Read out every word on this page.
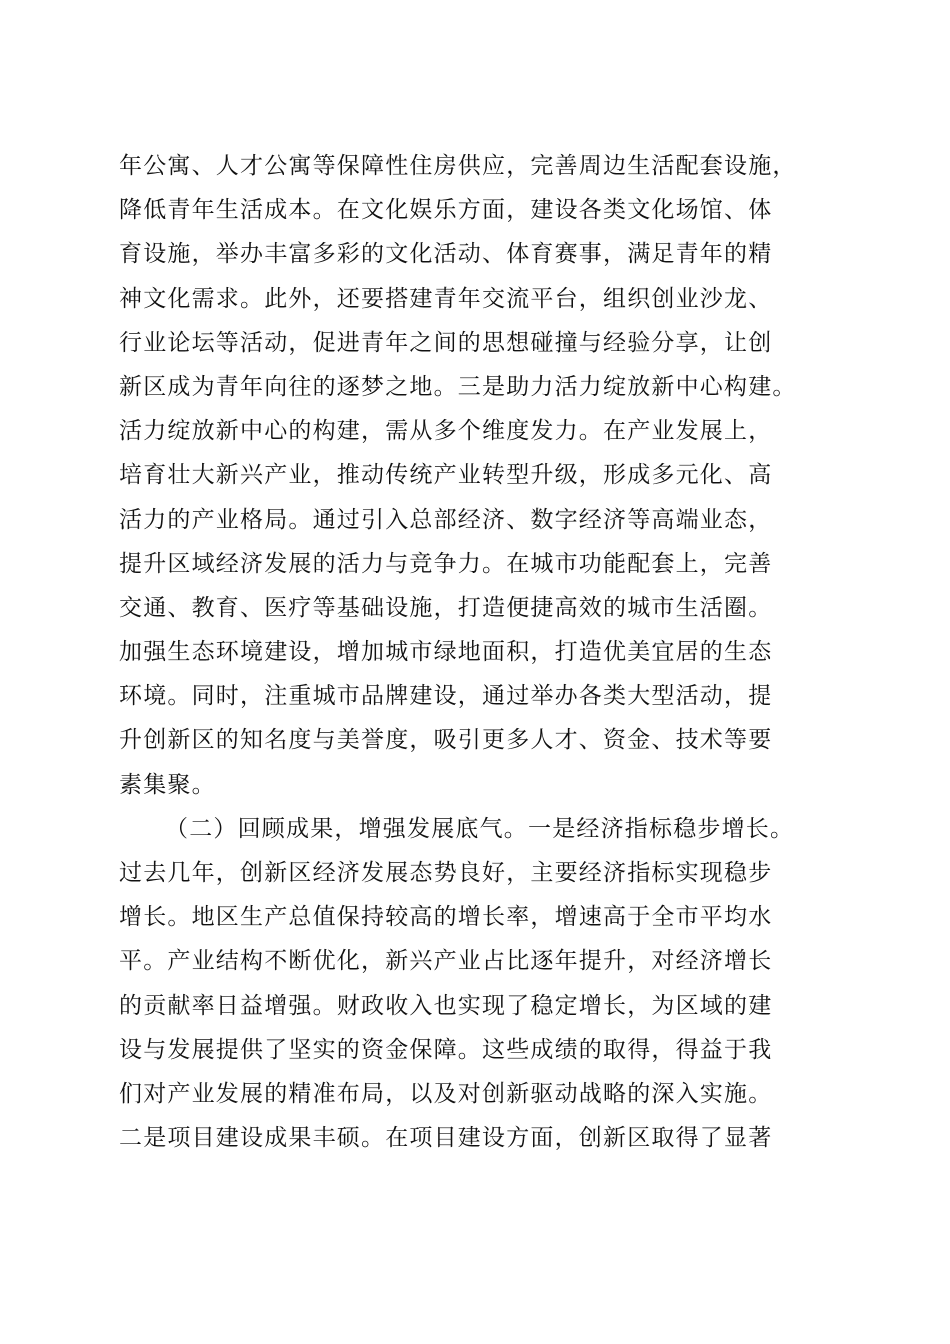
年公寓、人才公寓等保障性住房供应，完善周边生活配套设施，
降低青年生活成本。在文化娱乐方面，建设各类文化场馆、体
育设施，举办丰富多彩的文化活动、体育赛事，满足青年的精
神文化需求。此外，还要搭建青年交流平台，组织创业沙龙、
行业论坛等活动，促进青年之间的思想碰撞与经验分享，让创
新区成为青年向往的逐梦之地。三是助力活力绽放新中心构建。
活力绽放新中心的构建，需从多个维度发力。在产业发展上，
培育壮大新兴产业，推动传统产业转型升级，形成多元化、高
活力的产业格局。通过引入总部经济、数字经济等高端业态，
提升区域经济发展的活力与竞争力。在城市功能配套上，完善
交通、教育、医疗等基础设施，打造便捷高效的城市生活圈。
加强生态环境建设，增加城市绿地面积，打造优美宜居的生态
环境。同时，注重城市品牌建设，通过举办各类大型活动，提
升创新区的知名度与美誉度，吸引更多人才、资金、技术等要
素集聚。
（二）回顾成果，增强发展底气。一是经济指标稳步增长。
过去几年，创新区经济发展态势良好，主要经济指标实现稳步
增长。地区生产总值保持较高的增长率，增速高于全市平均水
平。产业结构不断优化，新兴产业占比逐年提升，对经济增长
的贡献率日益增强。财政收入也实现了稳定增长，为区域的建
设与发展提供了坚实的资金保障。这些成绩的取得，得益于我
们对产业发展的精准布局，以及对创新驱动战略的深入实施。
二是项目建设成果丰硕。在项目建设方面，创新区取得了显著
